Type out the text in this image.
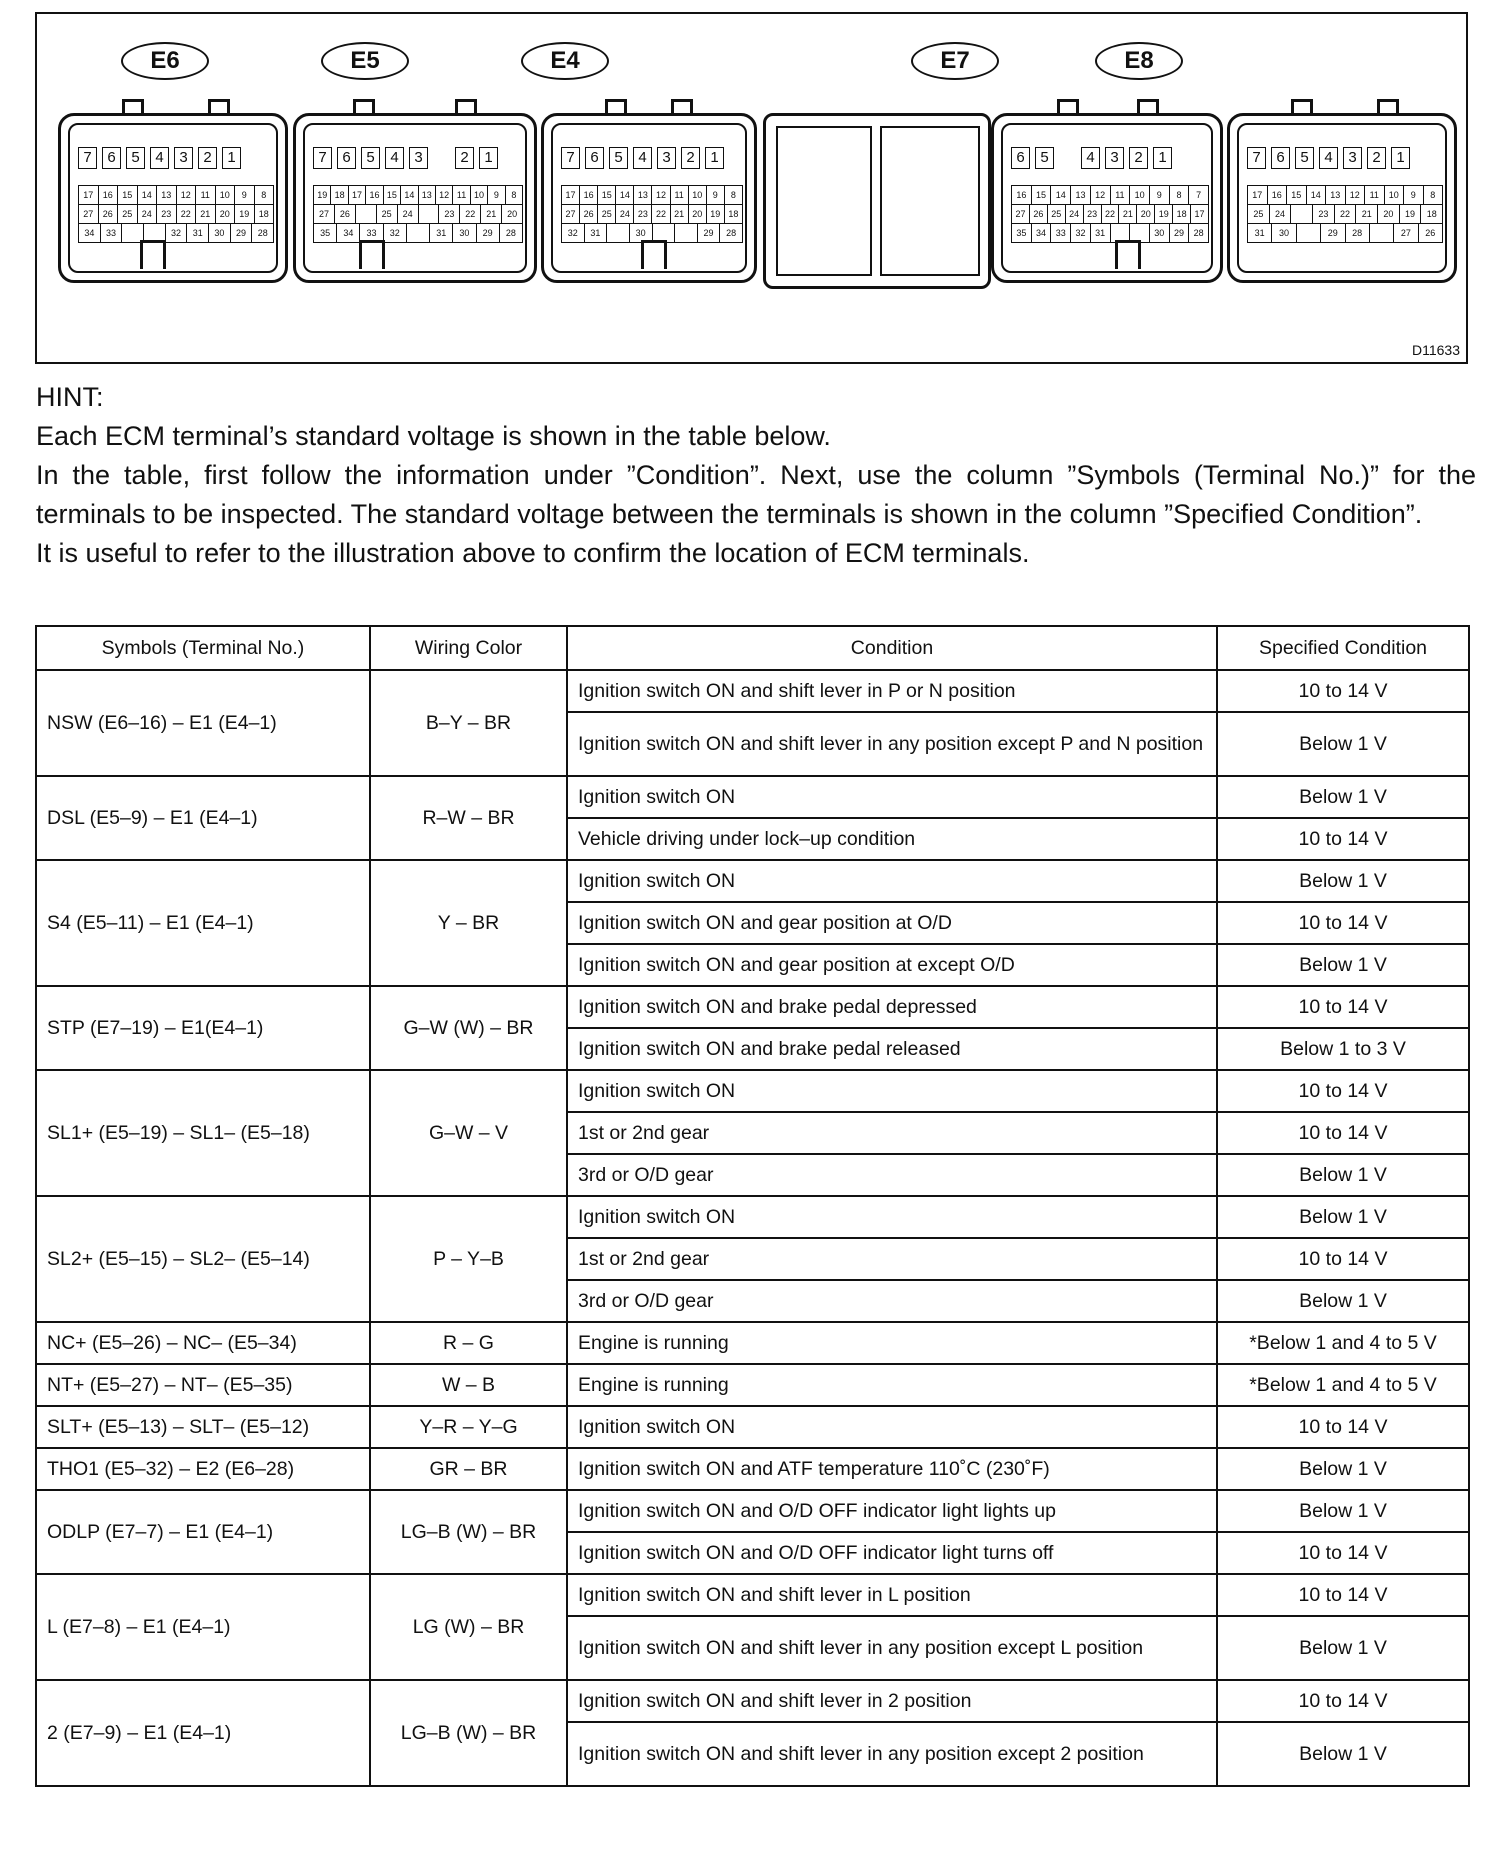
7	6	5	4	3	2	1
17	16	15	14	13	12	11	10	9	8
27	26	25	24	23	22	21	20	19	18
34	33	32	31	30	29	28
E6
7	6	5	4	3	2	1
19 18 17 16 15 14 13 12 11 10	9	8
27	26	25	24	23	22	21	20
35	34	33	32	31	30	29	28
E5
7	6	5	4	3	2	1
17 16 15 14 13 12 11 10	9	8
27 26 25 24 23 22 21 20 19 18
32	31	30	29	28
E4
6	5	4	3	2	1
16	15	14	13	12	11	10	9	8	7
27 26 25 24 23 22 21 20 19 18 17
35	34	33	32	31	30	29	28
E7
7	6	5	4	3	2	1
17	16	15	14	13	12	11	10	9	8
25	24	23	22	21	20	19	18
31	30	29	28	27	26
E8
D11633

HINT:

Each ECM terminal’s standard voltage is shown in the table below.

In the table, first follow the information under ”Condition”. Next, use the column ”Symbols (Terminal No.)” for the terminals to be inspected. The standard voltage between the terminals is shown in the column ”Specified Condition”.

It is useful to refer to the illustration above to confirm the location of ECM terminals.

Symbols (Terminal No.)	Wiring Color	Condition	Specified Condition
NSW (E6–16) – E1 (E4–1)	B–Y – BR	Ignition switch ON and shift lever in P or N position	10 to 14 V
		Ignition switch ON and shift lever in any position except P and N position	Below 1 V
DSL (E5–9) – E1 (E4–1)	R–W – BR	Ignition switch ON	Below 1 V
		Vehicle driving under lock–up condition	10 to 14 V
S4 (E5–11) – E1 (E4–1)	Y – BR	Ignition switch ON	Below 1 V
		Ignition switch ON and gear position at O/D	10 to 14 V
		Ignition switch ON and gear position at except O/D	Below 1 V
STP (E7–19) – E1(E4–1)	G–W (W) – BR	Ignition switch ON and brake pedal depressed	10 to 14 V
		Ignition switch ON and brake pedal released	Below 1 to 3 V
SL1+ (E5–19) – SL1– (E5–18)	G–W – V	Ignition switch ON	10 to 14 V
		1st or 2nd gear	10 to 14 V
		3rd or O/D gear	Below 1 V
SL2+ (E5–15) – SL2– (E5–14)	P – Y–B	Ignition switch ON	Below 1 V
		1st or 2nd gear	10 to 14 V
		3rd or O/D gear	Below 1 V
NC+ (E5–26) – NC– (E5–34)	R – G	Engine is running	*Below 1 and 4 to 5 V
NT+ (E5–27) – NT– (E5–35)	W – B	Engine is running	*Below 1 and 4 to 5 V
SLT+ (E5–13) – SLT– (E5–12)	Y–R – Y–G	Ignition switch ON	10 to 14 V
THO1 (E5–32) – E2 (E6–28)	GR – BR	Ignition switch ON and ATF temperature 110˚C (230˚F)	Below 1 V
ODLP (E7–7) – E1 (E4–1)	LG–B (W) – BR	Ignition switch ON and O/D OFF indicator light lights up	Below 1 V
		Ignition switch ON and O/D OFF indicator light turns off	10 to 14 V
L (E7–8) – E1 (E4–1)	LG (W) – BR	Ignition switch ON and shift lever in L position	10 to 14 V
		Ignition switch ON and shift lever in any position except L position	Below 1 V
2 (E7–9) – E1 (E4–1)	LG–B (W) – BR	Ignition switch ON and shift lever in 2 position	10 to 14 V
		Ignition switch ON and shift lever in any position except 2 position	Below 1 V
